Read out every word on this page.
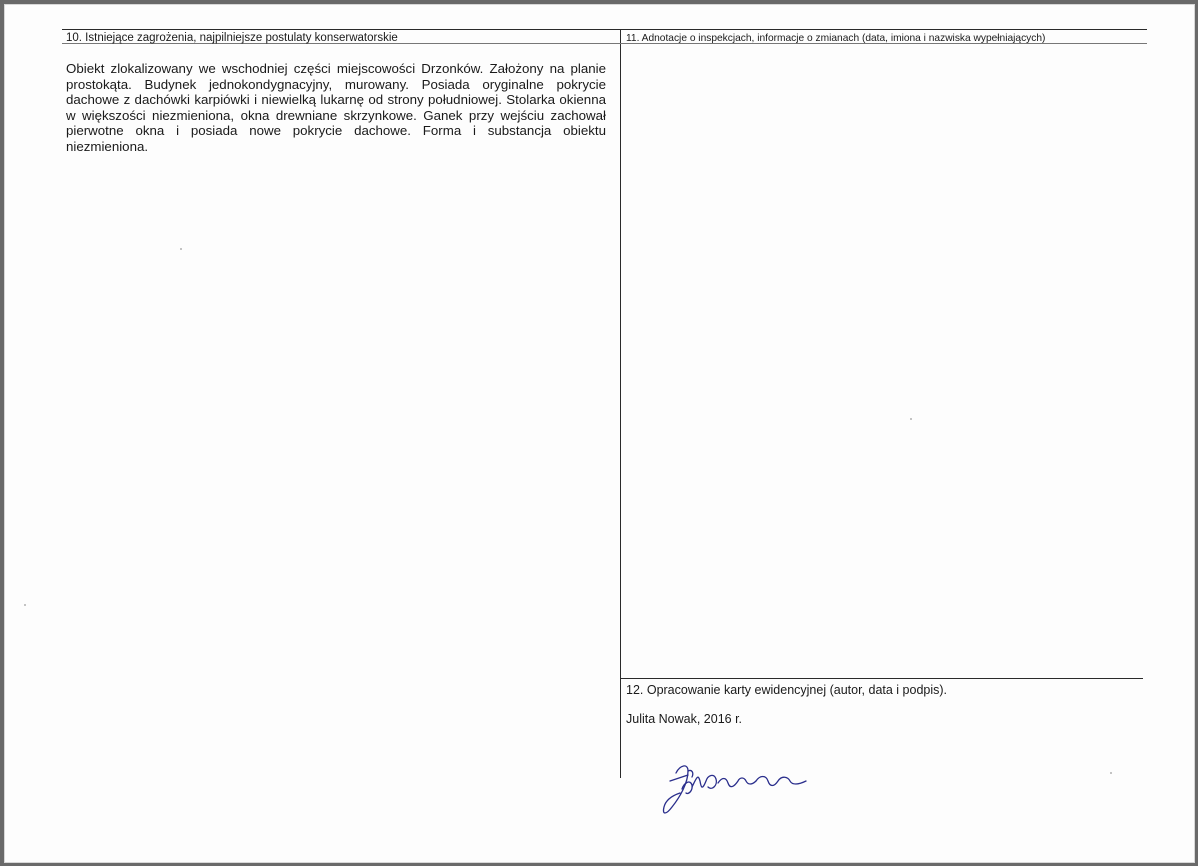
10. Istniejące zagrożenia, najpilniejsze postulaty konserwatorskie
Obiekt zlokalizowany we wschodniej części miejscowości Drzonków. Założony na planie prostokąta. Budynek jednokondygnacyjny, murowany. Posiada oryginalne pokrycie dachowe z dachówki karpiówki i niewielką lukarnę od strony południowej. Stolarka okienna w większości niezmieniona, okna drewniane skrzynkowe. Ganek przy wejściu zachował pierwotne okna i posiada nowe pokrycie dachowe. Forma i substancja obiektu niezmieniona.
11. Adnotacje o inspekcjach, informacje o zmianach (data, imiona i nazwiska wypełniających)
12. Opracowanie karty ewidencyjnej (autor, data i podpis).
Julita Nowak, 2016 r.
